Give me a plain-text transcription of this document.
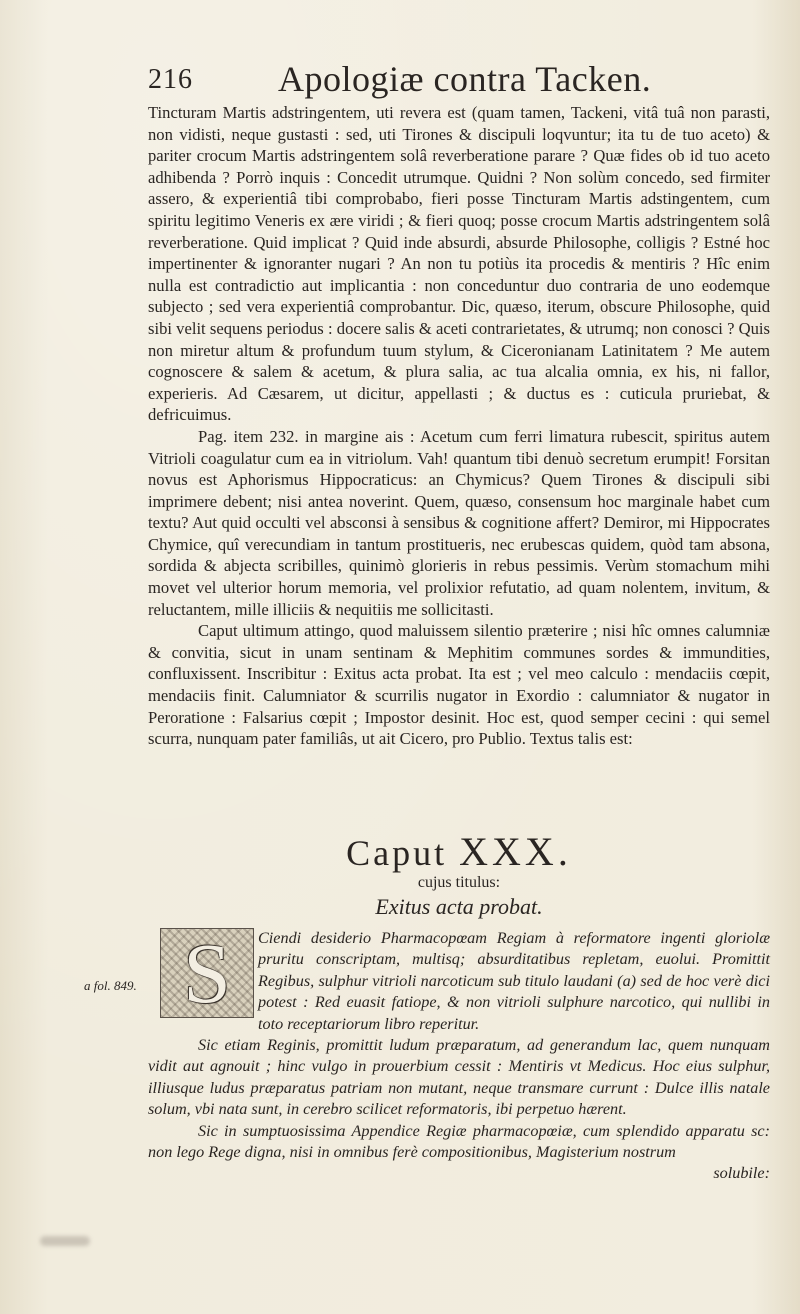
216 Apologiæ contra Tacken.

Tincturam Martis adstringentem, uti revera est (quam tamen, Tackeni, vitâ tuâ non parasti, non vidisti, neque gustasti : sed, uti Tirones & discipuli loqvuntur; ita tu de tuo aceto) & pariter crocum Martis adstringentem solâ reverberatione parare ? Quæ fides ob id tuo aceto adhibenda ? Porrò inquis : Concedit utrumque. Quidni ? Non solùm concedo, sed firmiter assero, & experientiâ tibi comprobabo, fieri posse Tincturam Martis adstingentem, cum spiritu legitimo Veneris ex ære viridi ; & fieri quoq; posse crocum Martis adstringentem solâ reverberatione. Quid implicat ? Quid inde absurdi, absurde Philosophe, colligis ? Estné hoc impertinenter & ignoranter nugari ? An non tu potiùs ita procedis & mentiris ? Hîc enim nulla est contradictio aut implicantia : non conceduntur duo contraria de uno eodemque subjecto ; sed vera experientiâ comprobantur. Dic, quæso, iterum, obscure Philosophe, quid sibi velit sequens periodus : docere salis & aceti contrarietates, & utrumq; non conosci ? Quis non miretur altum & profundum tuum stylum, & Ciceronianam Latinitatem ? Me autem cognoscere & salem & acetum, & plura salia, ac tua alcalia omnia, ex his, ni fallor, experieris. Ad Cæsarem, ut dicitur, appellasti ; & ductus es : cuticula pruriebat, & defricuimus.

Pag. item 232. in margine ais : Acetum cum ferri limatura rubescit, spiritus autem Vitrioli coagulatur cum ea in vitriolum. Vah! quantum tibi denuò secretum erumpit! Forsitan novus est Aphorismus Hippocraticus: an Chymicus? Quem Tirones & discipuli sibi imprimere debent; nisi antea noverint. Quem, quæso, consensum hoc marginale habet cum textu? Aut quid occulti vel absconsi à sensibus & cognitione affert? Demiror, mi Hippocrates Chymice, quî verecundiam in tantum prostitueris, nec erubescas quidem, quòd tam absona, sordida & abjecta scribilles, quinimò glorieris in rebus pessimis. Verùm stomachum mihi movet vel ulterior horum memoria, vel prolixior refutatio, ad quam nolentem, invitum, & reluctantem, mille illiciis & nequitiis me sollicitasti.

Caput ultimum attingo, quod maluissem silentio præterire ; nisi hîc omnes calumniæ & convitia, sicut in unam sentinam & Mephitim communes sordes & immundities, confluxissent. Inscribitur : Exitus acta probat. Ita est ; vel meo calculo : mendaciis cœpit, mendaciis finit. Calumniator & scurrilis nugator in Exordio : calumniator & nugator in Peroratione : Falsarius cœpit ; Impostor desinit. Hoc est, quod semper cecini : qui semel scurra, nunquam pater familiâs, ut ait Cicero, pro Publio. Textus talis est:

Caput XXX.
cujus titulus:
Exitus acta probat.

Ciendi desiderio Pharmacopœam Regiam à reformatore ingenti gloriolæ pruritu conscriptam, multisq; absurditatibus repletam, euolui. Promittit Regibus, sulphur vitrioli narcoticum sub titulo laudani (a) sed de hoc verè dici potest : Red euasit fatiope, & non vitrioli sulphure narcotico, qui nullibi in toto receptariorum libro reperitur.

Sic etiam Reginis, promittit ludum præparatum, ad generandum lac, quem nunquam vidit aut agnouit ; hinc vulgo in prouerbium cessit : Mentiris vt Medicus. Hoc eius sulphur, illiusque ludus præparatus patriam non mutant, neque transmare currunt : Dulce illis natale solum, vbi nata sunt, in cerebro scilicet reformatoris, ibi perpetuo hærent.

Sic in sumptuosissima Appendice Regiæ pharmacopœiæ, cum splendido apparatu sc: non lego Rege digna, nisi in omnibus ferè compositionibus, Magisterium nostrum

solubile:

S
a fol. 849.
